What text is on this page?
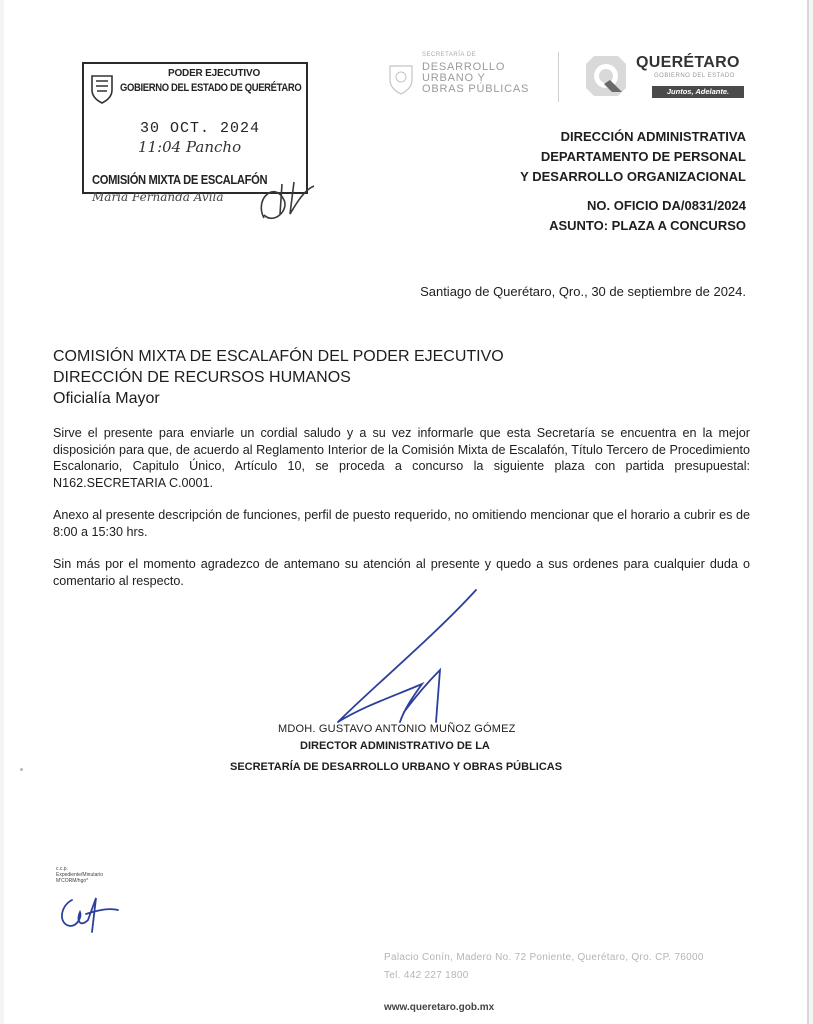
PODER EJECUTIVO
GOBIERNO DEL ESTADO DE QUERÉTARO
30 OCT. 2024
11:04 Pancho
COMISIÓN MIXTA DE ESCALAFÓN
Maria Fernanda Avila
SECRETARÍA DE
DESARROLLO
URBANO Y
OBRAS PÚBLICAS
QUERÉTARO
GOBIERNO DEL ESTADO
Juntos, Adelante.
DIRECCIÓN ADMINISTRATIVA
DEPARTAMENTO DE PERSONAL
Y DESARROLLO ORGANIZACIONAL
NO. OFICIO DA/0831/2024
ASUNTO: PLAZA A CONCURSO
Santiago de Querétaro, Qro., 30 de septiembre de 2024.
COMISIÓN MIXTA DE ESCALAFÓN DEL PODER EJECUTIVO
DIRECCIÓN DE RECURSOS HUMANOS
Oficialía Mayor
Sirve el presente para enviarle un cordial saludo y a su vez informarle que esta Secretaría se encuentra en la mejor disposición para que, de acuerdo al Reglamento Interior de la Comisión Mixta de Escalafón, Título Tercero de Procedimiento Escalonario, Capitulo Único, Artículo 10, se proceda a concurso la siguiente plaza con partida presupuestal: N162.SECRETARIA C.0001.
Anexo al presente descripción de funciones, perfil de puesto requerido, no omitiendo mencionar que el horario a cubrir es de 8:00 a 15:30 hrs.
Sin más por el momento agradezco de antemano su atención al presente y quedo a sus ordenes para cualquier duda o comentario al respecto.
MDOH. GUSTAVO ANTONIO MUÑOZ GÓMEZ
DIRECTOR ADMINISTRATIVO DE LA
SECRETARÍA DE DESARROLLO URBANO Y OBRAS PÚBLICAS
c.c.p.
Expediente/Minutario
M'CORM/hgo*
Palacio Conín, Madero No. 72 Poniente, Querétaro, Qro. CP. 76000
Tel. 442 227 1800
www.queretaro.gob.mx
